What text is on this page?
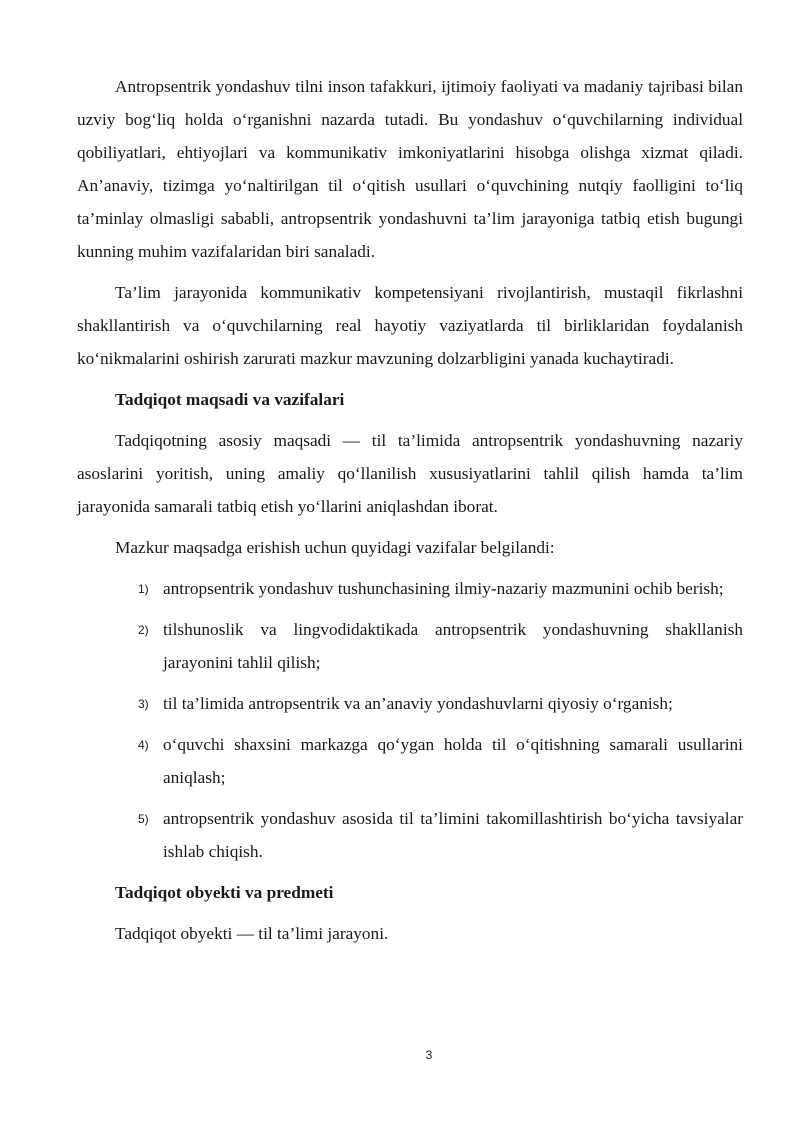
Antropsentrik yondashuv tilni inson tafakkuri, ijtimoiy faoliyati va madaniy tajribasi bilan uzviy bog‘liq holda o‘rganishni nazarda tutadi. Bu yondashuv o‘quvchilarning individual qobiliyatlari, ehtiyojlari va kommunikativ imkoniyatlarini hisobga olishga xizmat qiladi. An’anaviy, tizimga yo‘naltirilgan til o‘qitish usullari o‘quvchining nutqiy faolligini to‘liq ta’minlay olmasligi sababli, antropsentrik yondashuvni ta’lim jarayoniga tatbiq etish bugungi kunning muhim vazifalaridan biri sanaladi.

Ta’lim jarayonida kommunikativ kompetensiyani rivojlantirish, mustaqil fikrlashni shakllantirish va o‘quvchilarning real hayotiy vaziyatlarda til birliklaridan foydalanish ko‘nikmalarini oshirish zarurati mazkur mavzuning dolzarbligini yanada kuchaytiradi.

Tadqiqot maqsadi va vazifalari

Tadqiqotning asosiy maqsadi — til ta’limida antropsentrik yondashuvning nazariy asoslarini yoritish, uning amaliy qo‘llanilish xususiyatlarini tahlil qilish hamda ta’lim jarayonida samarali tatbiq etish yo‘llarini aniqlashdan iborat.

Mazkur maqsadga erishish uchun quyidagi vazifalar belgilandi:

1) antropsentrik yondashuv tushunchasining ilmiy-nazariy mazmunini ochib berish;
2) tilshunoslik va lingvodidaktikada antropsentrik yondashuvning shakllanish jarayonini tahlil qilish;
3) til ta’limida antropsentrik va an’anaviy yondashuvlarni qiyosiy o‘rganish;
4) o‘quvchi shaxsini markazga qo‘ygan holda til o‘qitishning samarali usullarini aniqlash;
5) antropsentrik yondashuv asosida til ta’limini takomillashtirish bo‘yicha tavsiyalar ishlab chiqish.

Tadqiqot obyekti va predmeti

Tadqiqot obyekti — til ta’limi jarayoni.

3
